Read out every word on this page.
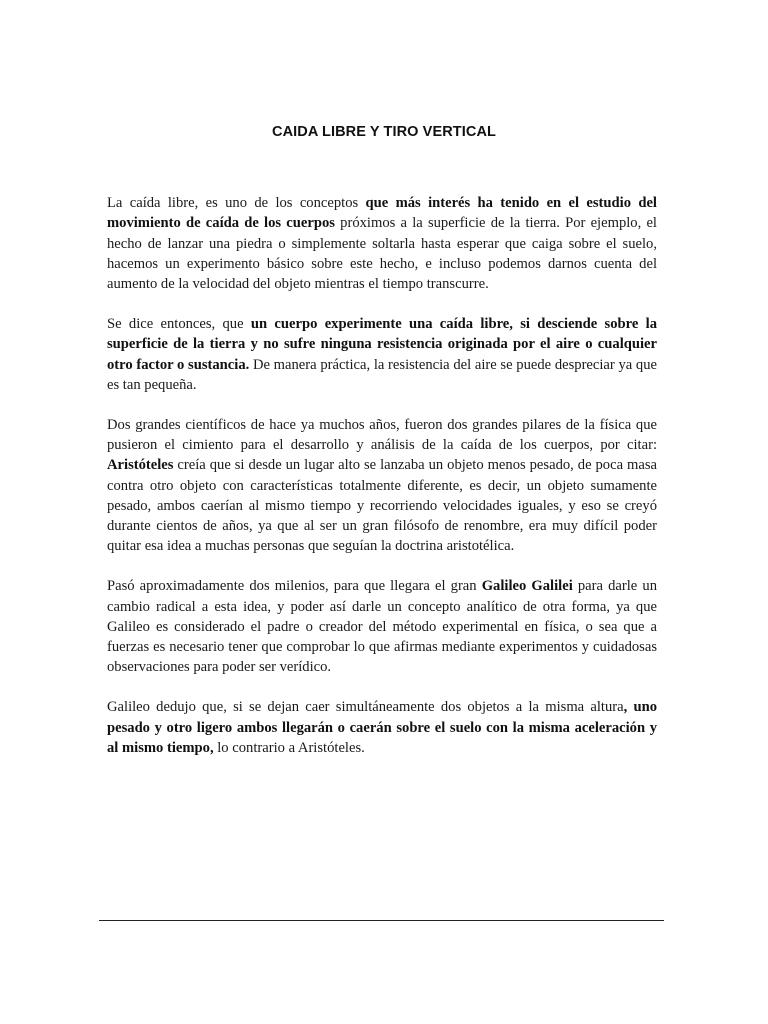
CAIDA LIBRE Y TIRO VERTICAL

La caída libre, es uno de los conceptos que más interés ha tenido en el estudio del movimiento de caída de los cuerpos próximos a la superficie de la tierra. Por ejemplo, el hecho de lanzar una piedra o simplemente soltarla hasta esperar que caiga sobre el suelo, hacemos un experimento básico sobre este hecho, e incluso podemos darnos cuenta del aumento de la velocidad del objeto mientras el tiempo transcurre.

Se dice entonces, que un cuerpo experimente una caída libre, si desciende sobre la superficie de la tierra y no sufre ninguna resistencia originada por el aire o cualquier otro factor o sustancia. De manera práctica, la resistencia del aire se puede despreciar ya que es tan pequeña.

Dos grandes científicos de hace ya muchos años, fueron dos grandes pilares de la física que pusieron el cimiento para el desarrollo y análisis de la caída de los cuerpos, por citar: Aristóteles creía que si desde un lugar alto se lanzaba un objeto menos pesado, de poca masa contra otro objeto con características totalmente diferente, es decir, un objeto sumamente pesado, ambos caerían al mismo tiempo y recorriendo velocidades iguales, y eso se creyó durante cientos de años, ya que al ser un gran filósofo de renombre, era muy difícil poder quitar esa idea a muchas personas que seguían la doctrina aristotélica.

Pasó aproximadamente dos milenios, para que llegara el gran Galileo Galilei para darle un cambio radical a esta idea, y poder así darle un concepto analítico de otra forma, ya que Galileo es considerado el padre o creador del método experimental en física, o sea que a fuerzas es necesario tener que comprobar lo que afirmas mediante experimentos y cuidadosas observaciones para poder ser verídico.

Galileo dedujo que, si se dejan caer simultáneamente dos objetos a la misma altura, uno pesado y otro ligero ambos llegarán o caerán sobre el suelo con la misma aceleración y al mismo tiempo, lo contrario a Aristóteles.
